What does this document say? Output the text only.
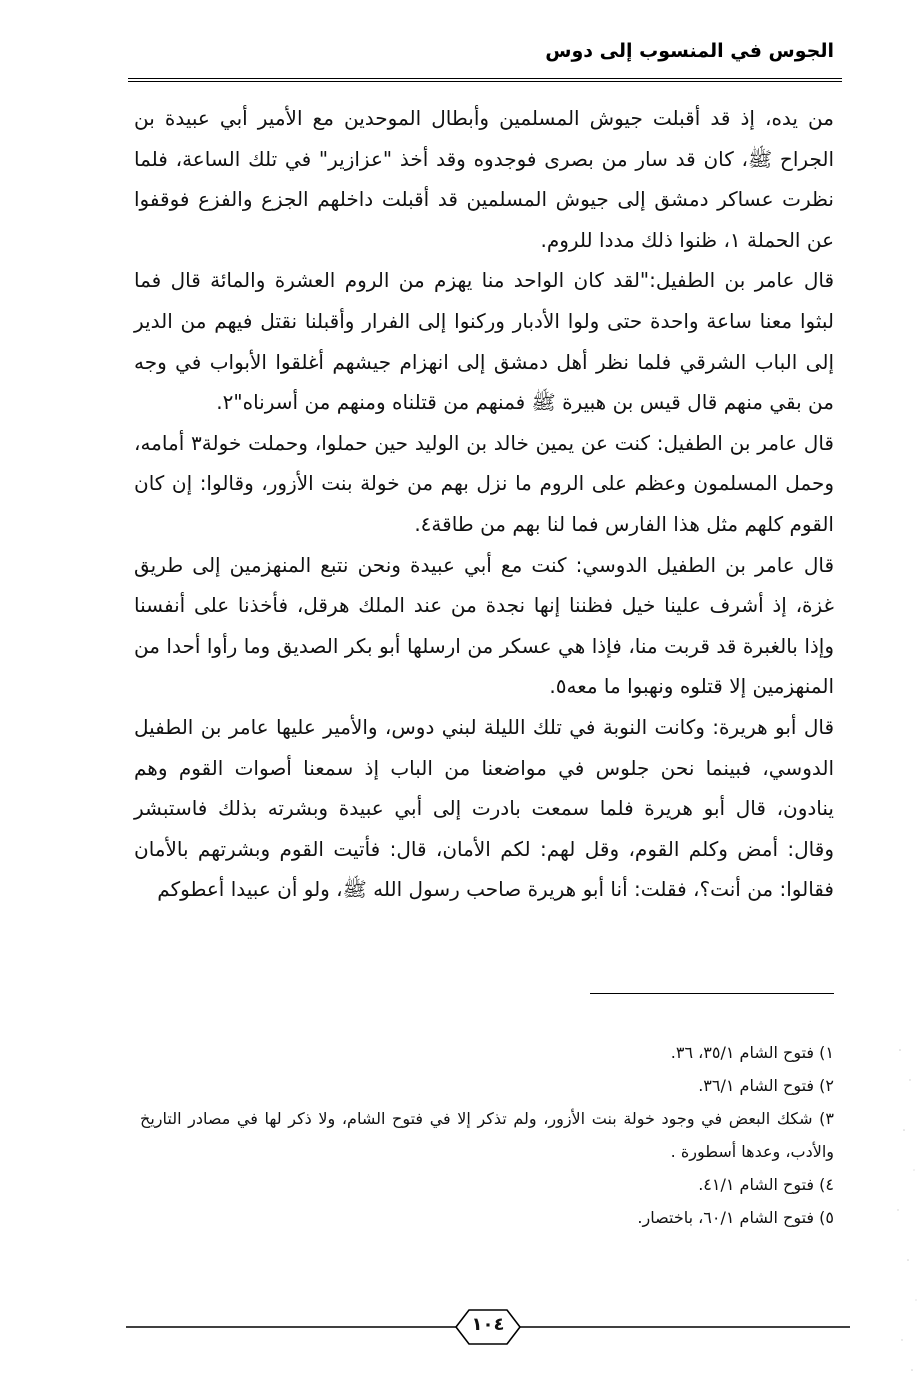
الجوس في المنسوب إلى دوس

من يده، إذ قد أقبلت جيوش المسلمين وأبطال الموحدين مع الأمير أبي عبيدة بن الجراح ﷺ، كان قد سار من بصرى فوجدوه وقد أخذ "عزازير" في تلك الساعة، فلما نظرت عساكر دمشق إلى جيوش المسلمين قد أقبلت داخلهم الجزع والفزع فوقفوا عن الحملة ١، ظنوا ذلك مددا للروم.

قال عامر بن الطفيل:"لقد كان الواحد منا يهزم من الروم العشرة والمائة قال فما لبثوا معنا ساعة واحدة حتى ولوا الأدبار وركنوا إلى الفرار وأقبلنا نقتل فيهم من الدير إلى الباب الشرقي فلما نظر أهل دمشق إلى انهزام جيشهم أغلقوا الأبواب في وجه من بقي منهم قال قيس بن هبيرة ﷺ فمنهم من قتلناه ومنهم من أسرناه"٢.

قال عامر بن الطفيل: كنت عن يمين خالد بن الوليد حين حملوا، وحملت خولة٣ أمامه، وحمل المسلمون وعظم على الروم ما نزل بهم من خولة بنت الأزور، وقالوا: إن كان القوم كلهم مثل هذا الفارس فما لنا بهم من طاقة٤.

قال عامر بن الطفيل الدوسي: كنت مع أبي عبيدة ونحن نتبع المنهزمين إلى طريق غزة، إذ أشرف علينا خيل فظننا إنها نجدة من عند الملك هرقل، فأخذنا على أنفسنا وإذا بالغبرة قد قربت منا، فإذا هي عسكر من ارسلها أبو بكر الصديق وما رأوا أحدا من المنهزمين إلا قتلوه ونهبوا ما معه٥.

قال أبو هريرة: وكانت النوبة في تلك الليلة لبني دوس، والأمير عليها عامر بن الطفيل الدوسي، فبينما نحن جلوس في مواضعنا من الباب إذ سمعنا أصوات القوم وهم ينادون، قال أبو هريرة فلما سمعت بادرت إلى أبي عبيدة وبشرته بذلك فاستبشر وقال: أمض وكلم القوم، وقل لهم: لكم الأمان، قال: فأتيت القوم وبشرتهم بالأمان فقالوا: من أنت؟، فقلت: أنا أبو هريرة صاحب رسول الله ﷺ، ولو أن عبيدا أعطوكم

١) فتوح الشام ٣٥/١، ٣٦.

٢) فتوح الشام ٣٦/١.

٣) شكك البعض في وجود خولة بنت الأزور، ولم تذكر إلا في فتوح الشام، ولا ذكر لها في مصادر التاريخ والأدب، وعدها أسطورة .

٤) فتوح الشام ٤١/١.

٥) فتوح الشام ٦٠/١، باختصار.

١٠٤
